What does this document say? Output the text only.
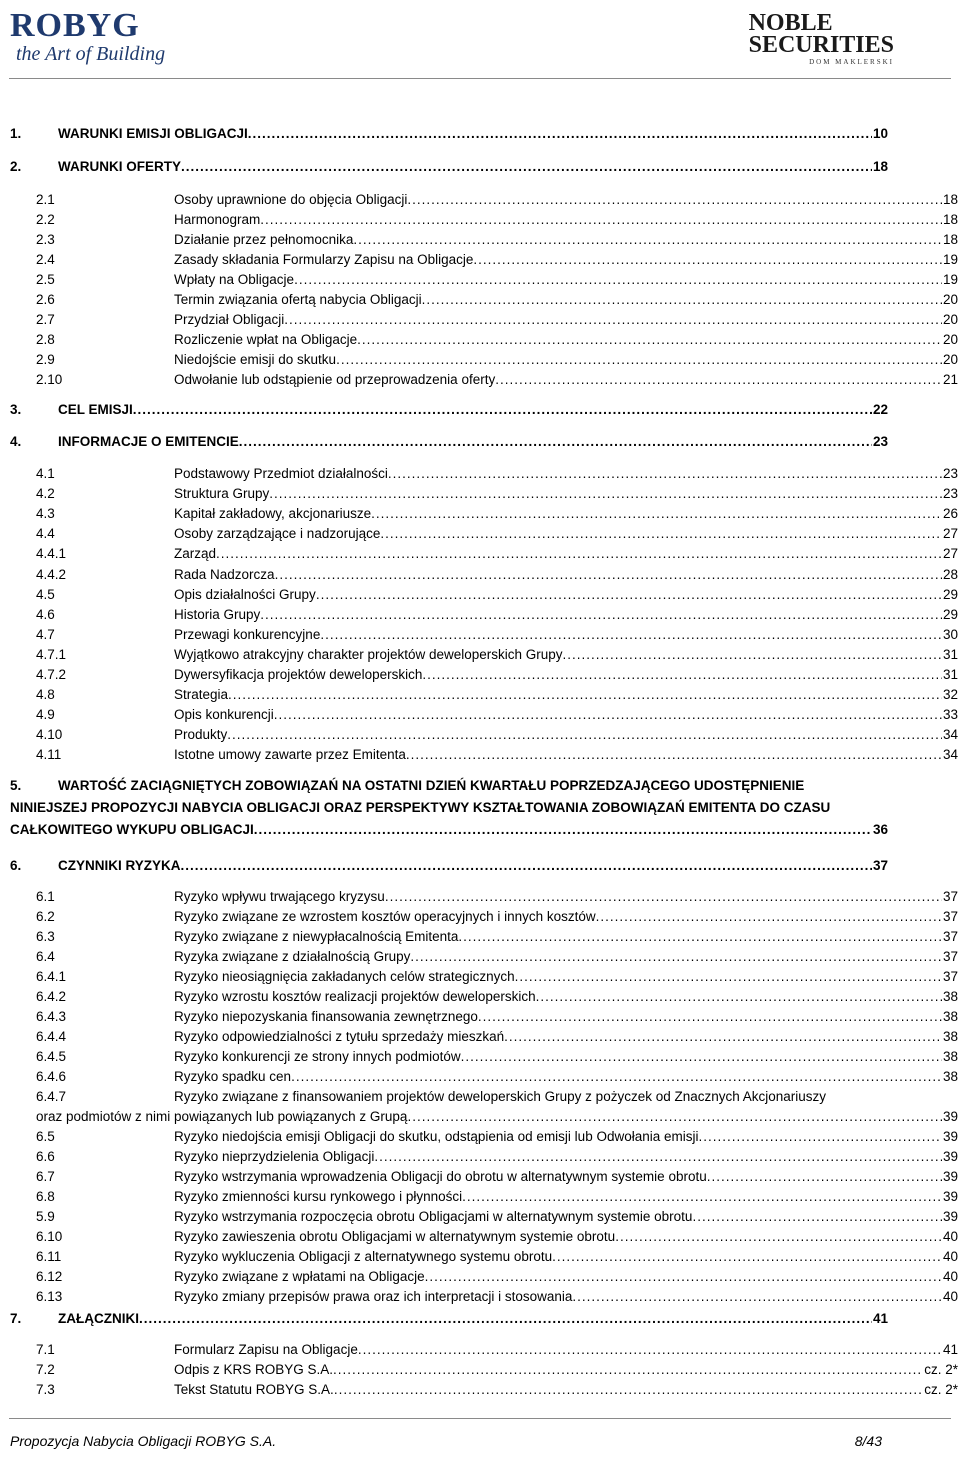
ROBYG
the Art of Building
NOBLE
SECURITIES
DOM MAKLERSKI
1.	WARUNKI EMISJI OBLIGACJI .....	10
2.	WARUNKI OFERTY .....	18
2.1	Osoby uprawnione do objęcia Obligacji .....	18
2.2	Harmonogram .....	18
2.3	Działanie przez pełnomocnika .....	18
2.4	Zasady składania Formularzy Zapisu na Obligacje .....	19
2.5	Wpłaty na Obligacje .....	19
2.6	Termin związania ofertą nabycia Obligacji .....	20
2.7	Przydział Obligacji .....	20
2.8	Rozliczenie wpłat na Obligacje .....	20
2.9	Niedojście emisji do skutku .....	20
2.10	Odwołanie lub odstąpienie od przeprowadzenia oferty .....	21
3.	CEL EMISJI .....	22
4.	INFORMACJE O EMITENCIE .....	23
4.1	Podstawowy Przedmiot działalności .....	23
4.2	Struktura Grupy .....	23
4.3	Kapitał zakładowy, akcjonariusze .....	26
4.4	Osoby zarządzające i nadzorujące .....	27
4.4.1	Zarząd .....	27
4.4.2	Rada Nadzorcza .....	28
4.5	Opis działalności Grupy .....	29
4.6	Historia Grupy .....	29
4.7	Przewagi konkurencyjne .....	30
4.7.1	Wyjątkowo atrakcyjny charakter projektów deweloperskich Grupy .....	31
4.7.2	Dywersyfikacja projektów deweloperskich .....	31
4.8	Strategia .....	32
4.9	Opis konkurencji .....	33
4.10	Produkty .....	34
4.11	Istotne umowy zawarte przez Emitenta .....	34
5.	WARTOŚĆ ZACIĄGNIĘTYCH ZOBOWIĄZAŃ NA OSTATNI DZIEŃ KWARTAŁU POPRZEDZAJĄCEGO UDOSTĘPNIENIE
NINIEJSZEJ PROPOZYCJI NABYCIA OBLIGACJI ORAZ PERSPEKTYWY KSZTAŁTOWANIA ZOBOWIĄZAŃ EMITENTA DO CZASU
CAŁKOWITEGO WYKUPU OBLIGACJI .....	36
6.	CZYNNIKI RYZYKA .....	37
6.1	Ryzyko wpływu trwającego kryzysu .....	37
6.2	Ryzyko związane ze wzrostem kosztów operacyjnych i innych kosztów .....	37
6.3	Ryzyko związane z niewypłacalnością Emitenta .....	37
6.4	Ryzyka związane z działalnością Grupy .....	37
6.4.1	Ryzyko nieosiągnięcia zakładanych celów strategicznych .....	37
6.4.2	Ryzyko wzrostu kosztów realizacji projektów deweloperskich .....	38
6.4.3	Ryzyko niepozyskania finansowania zewnętrznego .....	38
6.4.4	Ryzyko odpowiedzialności z tytułu sprzedaży mieszkań .....	38
6.4.5	Ryzyko konkurencji ze strony innych podmiotów .....	38
6.4.6	Ryzyko spadku cen .....	38
6.4.7	Ryzyko związane z finansowaniem projektów deweloperskich Grupy z pożyczek od Znacznych Akcjonariuszy
oraz podmiotów z nimi powiązanych lub powiązanych z Grupą .....	39
6.5	Ryzyko niedojścia emisji Obligacji do skutku, odstąpienia od emisji lub Odwołania emisji .....	39
6.6	Ryzyko nieprzydzielenia Obligacji .....	39
6.7	Ryzyko wstrzymania wprowadzenia Obligacji do obrotu w alternatywnym systemie obrotu .....	39
6.8	Ryzyko zmienności kursu rynkowego i płynności .....	39
5.9	Ryzyko wstrzymania rozpoczęcia obrotu Obligacjami w alternatywnym systemie obrotu .....	39
6.10	Ryzyko zawieszenia obrotu Obligacjami w alternatywnym systemie obrotu .....	40
6.11	Ryzyko wykluczenia Obligacji z alternatywnego systemu obrotu .....	40
6.12	Ryzyko związane z wpłatami na Obligacje .....	40
6.13	Ryzyko zmiany przepisów prawa oraz ich interpretacji i stosowania .....	40
7.	ZAŁĄCZNIKI .....	41
7.1	Formularz Zapisu na Obligacje .....	41
7.2	Odpis z KRS ROBYG S.A. .....	cz. 2*
7.3	Tekst Statutu ROBYG S.A. .....	cz. 2*
Propozycja Nabycia Obligacji ROBYG S.A.	8/43
